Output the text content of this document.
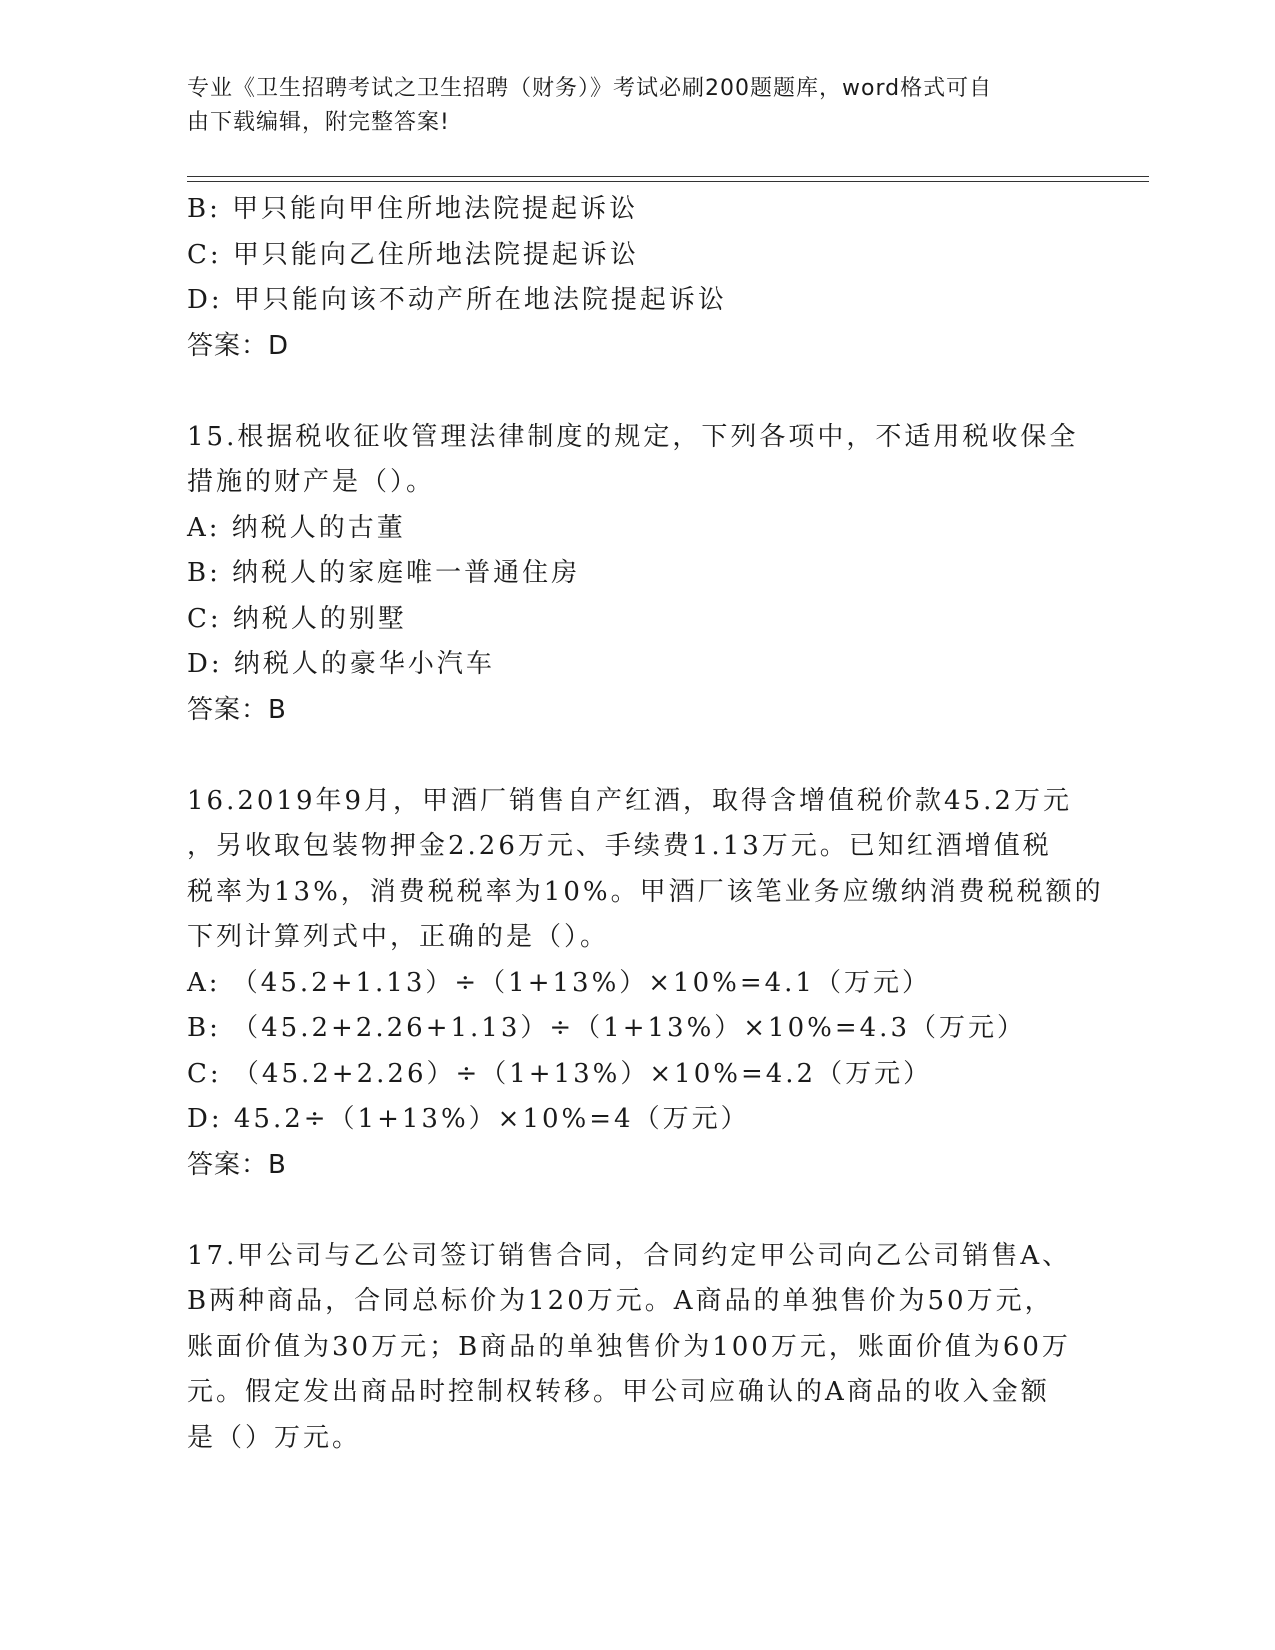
专业《卫生招聘考试之卫生招聘（财务）》考试必刷200题题库，word格式可自
由下载编辑，附完整答案!
B: 甲只能向甲住所地法院提起诉讼
C: 甲只能向乙住所地法院提起诉讼
D: 甲只能向该不动产所在地法院提起诉讼
答案：D
15.根据税收征收管理法律制度的规定，下列各项中，不适用税收保全
措施的财产是（）。
A: 纳税人的古董
B: 纳税人的家庭唯一普通住房
C: 纳税人的别墅
D: 纳税人的豪华小汽车
答案：B
16.2019年9月，甲酒厂销售自产红酒，取得含增值税价款45.2万元
，另收取包装物押金2.26万元、手续费1.13万元。已知红酒增值税
税率为13%，消费税税率为10%。甲酒厂该笔业务应缴纳消费税税额的
下列计算列式中，正确的是（）。
A: （45.2+1.13）÷（1+13%）×10%=4.1（万元）
B: （45.2+2.26+1.13）÷（1+13%）×10%=4.3（万元）
C: （45.2+2.26）÷（1+13%）×10%=4.2（万元）
D: 45.2÷（1+13%）×10%=4（万元）
答案：B
17.甲公司与乙公司签订销售合同，合同约定甲公司向乙公司销售A、
B两种商品，合同总标价为120万元。A商品的单独售价为50万元，
账面价值为30万元；B商品的单独售价为100万元，账面价值为60万
元。假定发出商品时控制权转移。甲公司应确认的A商品的收入金额
是（）万元。
